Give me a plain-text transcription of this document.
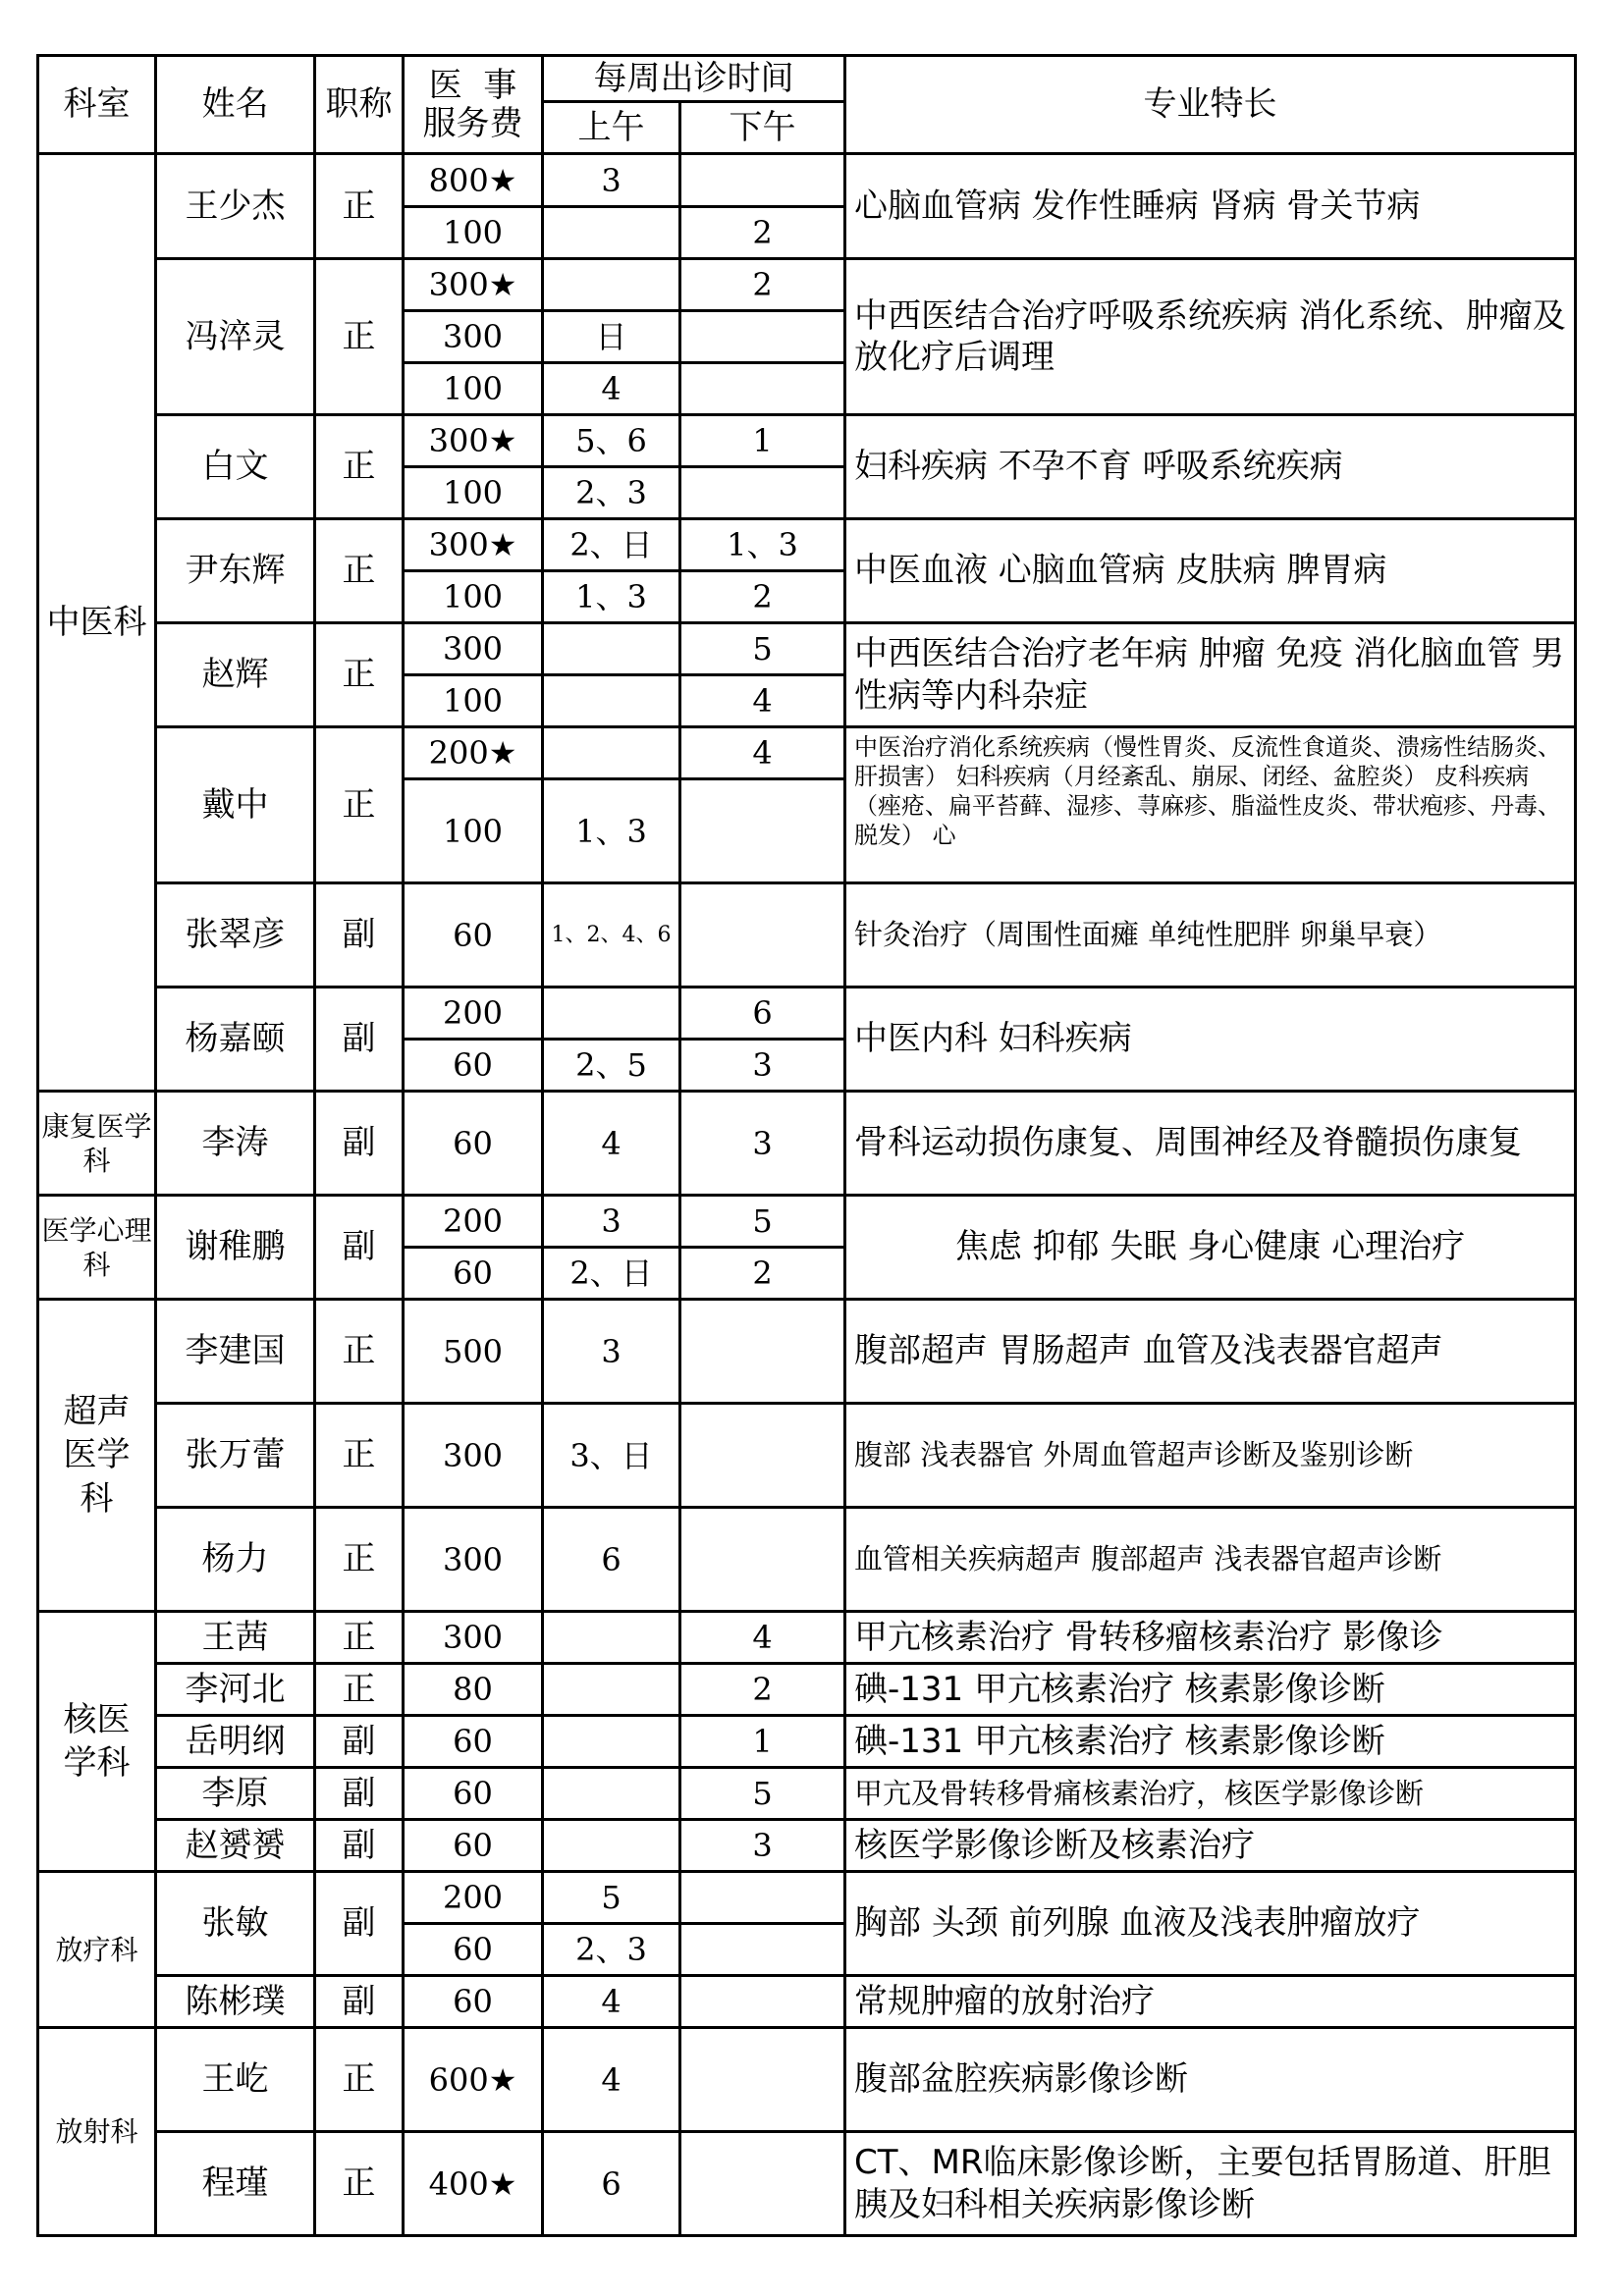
科室	姓名	职称	医  事
服务费	每周出诊时间		专业特长
				上午	下午	
中医科	王少杰	正	800★	3		心脑血管病 发作性睡病 肾病 骨关节病
			100		2	
	冯淬灵	正	300★		2	中西医结合治疗呼吸系统疾病 消化系统、肿瘤及放化疗后调理
			300	日		
			100	4		
	白文	正	300★	5、6	1	妇科疾病 不孕不育 呼吸系统疾病
			100	2、3		
	尹东辉	正	300★	2、日	1、3	中医血液 心脑血管病 皮肤病 脾胃病
			100	1、3	2	
	赵辉	正	300		5	中西医结合治疗老年病 肿瘤 免疫 消化脑血管 男性病等内科杂症
			100		4	
	戴中	正	200★		4	中医治疗消化系统疾病（慢性胃炎、反流性食道炎、溃疡性结肠炎、肝损害） 妇科疾病（月经紊乱、崩尿、闭经、盆腔炎） 皮科疾病（痤疮、扁平苔藓、湿疹、荨麻疹、脂溢性皮炎、带状疱疹、丹毒、脱发） 心

			100	1、3		
	张翠彦	副	60	1、2、4、6		针灸治疗（周围性面瘫 单纯性肥胖 卵巢早衰）
	杨嘉颐	副	200		6	中医内科 妇科疾病
			60	2、5	3	
康复医学科	李涛	副	60	4	3	骨科运动损伤康复、周围神经及脊髓损伤康复
医学心理科	谢稚鹏	副	200	3	5	焦虑 抑郁 失眠 身心健康 心理治疗
			60	2、日	2	

超声医学科	李建国	正	500	3		腹部超声 胃肠超声 血管及浅表器官超声
	张万蕾	正	300	3、日		腹部 浅表器官 外周血管超声诊断及鉴别诊断
	杨力	正	300	6		血管相关疾病超声 腹部超声 浅表器官超声诊断

核医学科	王茜	正	300		4	甲亢核素治疗 骨转移瘤核素治疗 影像诊
	李河北	正	80		2	碘-131 甲亢核素治疗 核素影像诊断
	岳明纲	副	60		1	碘-131 甲亢核素治疗 核素影像诊断
	李原	副	60		5	甲亢及骨转移骨痛核素治疗，核医学影像诊断
	赵赟赟	副	60		3	核医学影像诊断及核素治疗
放疗科	张敏	副	200	5		胸部 头颈 前列腺 血液及浅表肿瘤放疗
			60	2、3		
	陈彬璞	副	60	4		常规肿瘤的放射治疗
放射科	王屹	正	600★	4		腹部盆腔疾病影像诊断
	程瑾	正	400★	6		CT、MR临床影像诊断，主要包括胃肠道、肝胆胰及妇科相关疾病影像诊断
